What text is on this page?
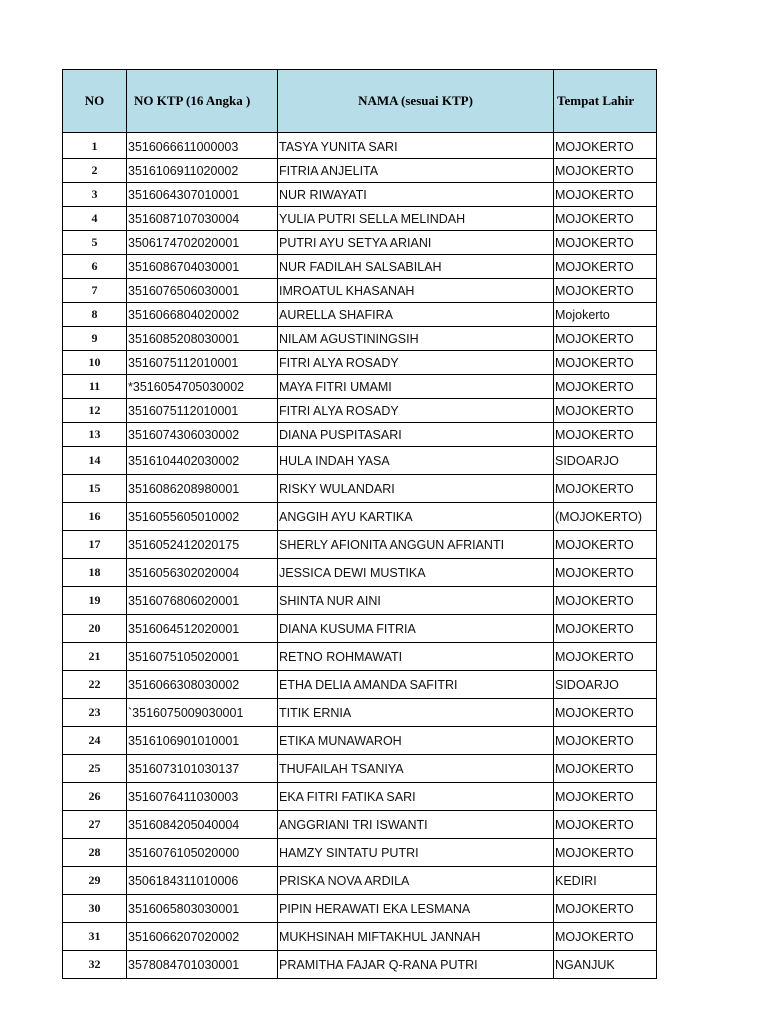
NO	NO KTP (16 Angka )	NAMA (sesuai KTP)	Tempat Lahir
1	3516066611000003	TASYA YUNITA SARI	MOJOKERTO
2	3516106911020002	FITRIA ANJELITA	MOJOKERTO
3	3516064307010001	NUR RIWAYATI	MOJOKERTO
4	3516087107030004	YULIA PUTRI SELLA MELINDAH	MOJOKERTO
5	3506174702020001	PUTRI AYU SETYA ARIANI	MOJOKERTO
6	3516086704030001	NUR FADILAH SALSABILAH	MOJOKERTO
7	3516076506030001	IMROATUL KHASANAH	MOJOKERTO
8	3516066804020002	AURELLA SHAFIRA	Mojokerto
9	3516085208030001	NILAM AGUSTININGSIH	MOJOKERTO
10	3516075112010001	FITRI ALYA ROSADY	MOJOKERTO
11	*3516054705030002	MAYA FITRI UMAMI	MOJOKERTO
12	3516075112010001	FITRI ALYA ROSADY	MOJOKERTO
13	3516074306030002	DIANA PUSPITASARI	MOJOKERTO
14	3516104402030002	HULA INDAH YASA	SIDOARJO
15	3516086208980001	RISKY WULANDARI	MOJOKERTO
16	3516055605010002	ANGGIH AYU KARTIKA	(MOJOKERTO)
17	3516052412020175	SHERLY AFIONITA ANGGUN AFRIANTI	MOJOKERTO
18	3516056302020004	JESSICA DEWI MUSTIKA	MOJOKERTO
19	3516076806020001	SHINTA NUR AINI	MOJOKERTO
20	3516064512020001	DIANA KUSUMA FITRIA	MOJOKERTO
21	3516075105020001	RETNO ROHMAWATI	MOJOKERTO
22	3516066308030002	ETHA DELIA AMANDA SAFITRI	SIDOARJO
23	`3516075009030001	TITIK ERNIA	MOJOKERTO
24	3516106901010001	ETIKA MUNAWAROH	MOJOKERTO
25	3516073101030137	THUFAILAH TSANIYA	MOJOKERTO
26	3516076411030003	EKA FITRI FATIKA SARI	MOJOKERTO
27	3516084205040004	ANGGRIANI TRI ISWANTI	MOJOKERTO
28	3516076105020000	HAMZY SINTATU PUTRI	MOJOKERTO
29	3506184311010006	PRISKA NOVA ARDILA	KEDIRI
30	3516065803030001	PIPIN HERAWATI EKA LESMANA	MOJOKERTO
31	3516066207020002	MUKHSINAH MIFTAKHUL JANNAH	MOJOKERTO
32	3578084701030001	PRAMITHA FAJAR Q-RANA PUTRI	NGANJUK
